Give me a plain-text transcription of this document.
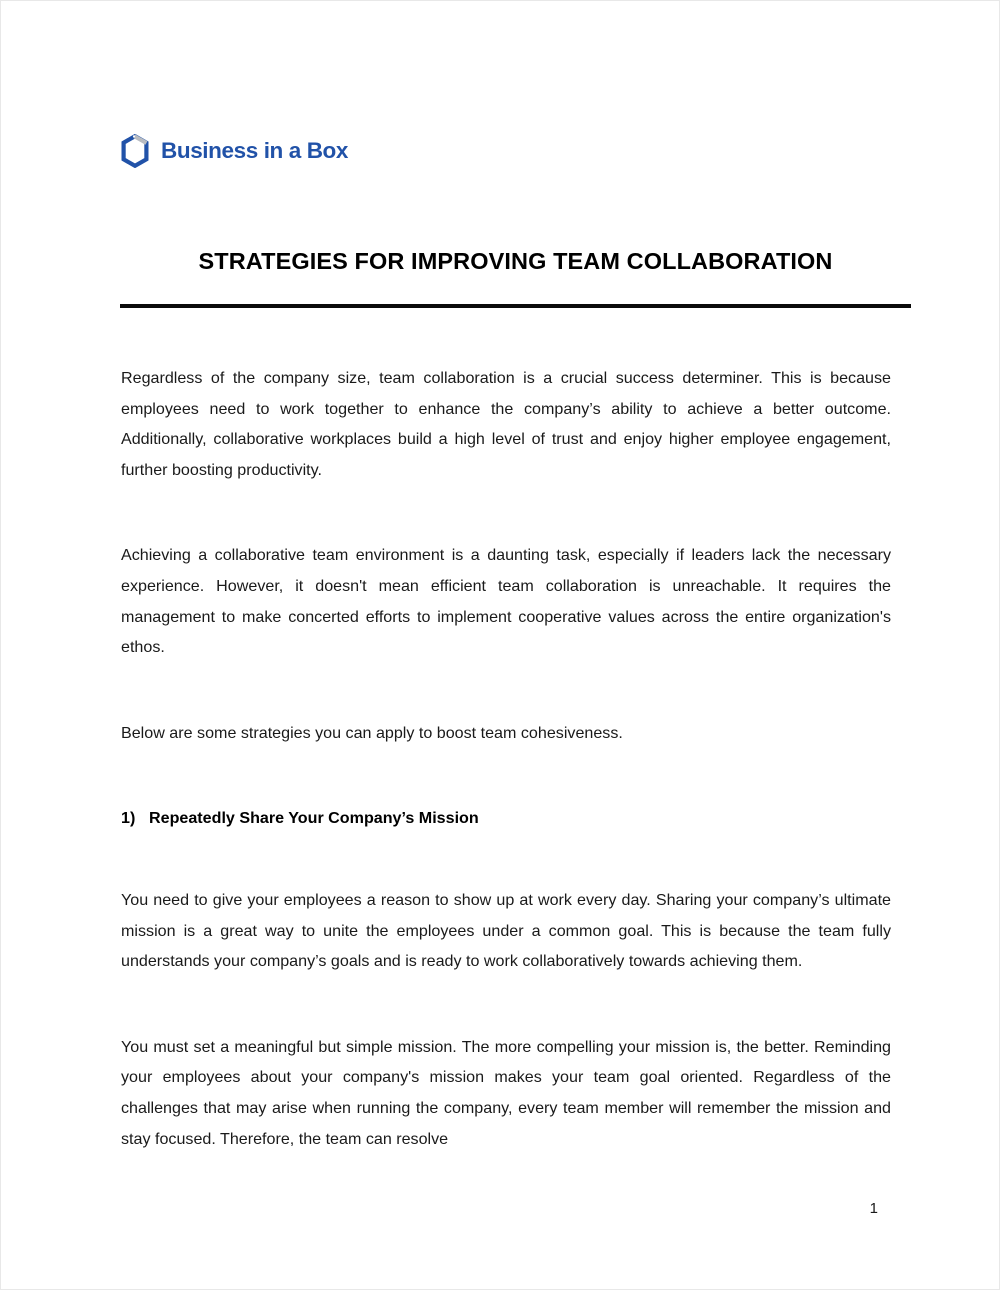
Business in a Box
STRATEGIES FOR IMPROVING TEAM COLLABORATION

Regardless of the company size, team collaboration is a crucial success determiner. This is because employees need to work together to enhance the company’s ability to achieve a better outcome. Additionally, collaborative workplaces build a high level of trust and enjoy higher employee engagement, further boosting productivity.

Achieving a collaborative team environment is a daunting task, especially if leaders lack the necessary experience. However, it doesn't mean efficient team collaboration is unreachable. It requires the management to make concerted efforts to implement cooperative values across the entire organization's ethos.

Below are some strategies you can apply to boost team cohesiveness.

1) Repeatedly Share Your Company’s Mission

You need to give your employees a reason to show up at work every day. Sharing your company’s ultimate mission is a great way to unite the employees under a common goal. This is because the team fully understands your company’s goals and is ready to work collaboratively towards achieving them.

You must set a meaningful but simple mission. The more compelling your mission is, the better. Reminding your employees about your company's mission makes your team goal oriented. Regardless of the challenges that may arise when running the company, every team member will remember the mission and stay focused. Therefore, the team can resolve

1
